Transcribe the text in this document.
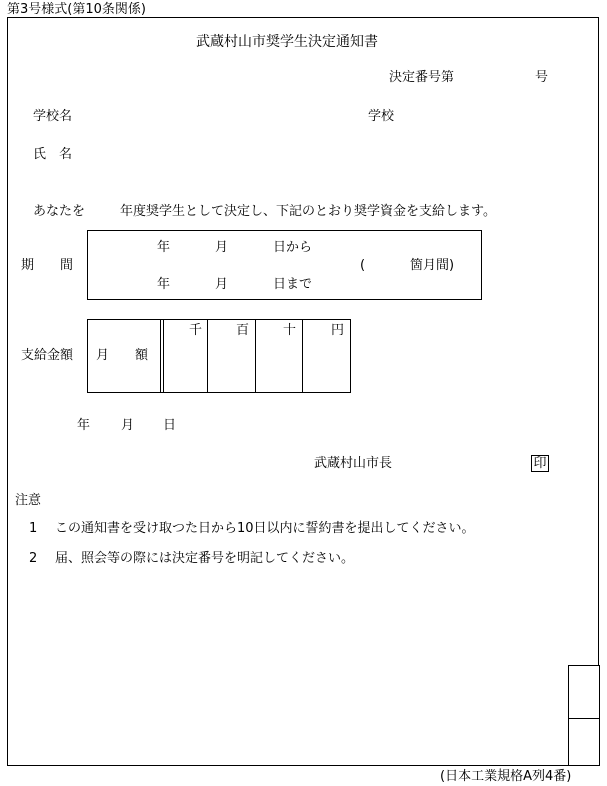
第3号様式(第10条関係)
武蔵村山市奨学生決定通知書
決定番号第	号
学校名	学校
氏　名
あなたを	年度奨学生として決定し、下記のとおり奨学資金を支給します。
期　　間
年	月	日から
年	月	日まで
(	箇月間)
支給金額 月　　額
千	百	十	円
年 月 日
武蔵村山市長	印
注意
1 この通知書を受け取つた日から10日以内に誓約書を提出してください。
2 届、照会等の際には決定番号を明記してください。
(日本工業規格A列4番)
